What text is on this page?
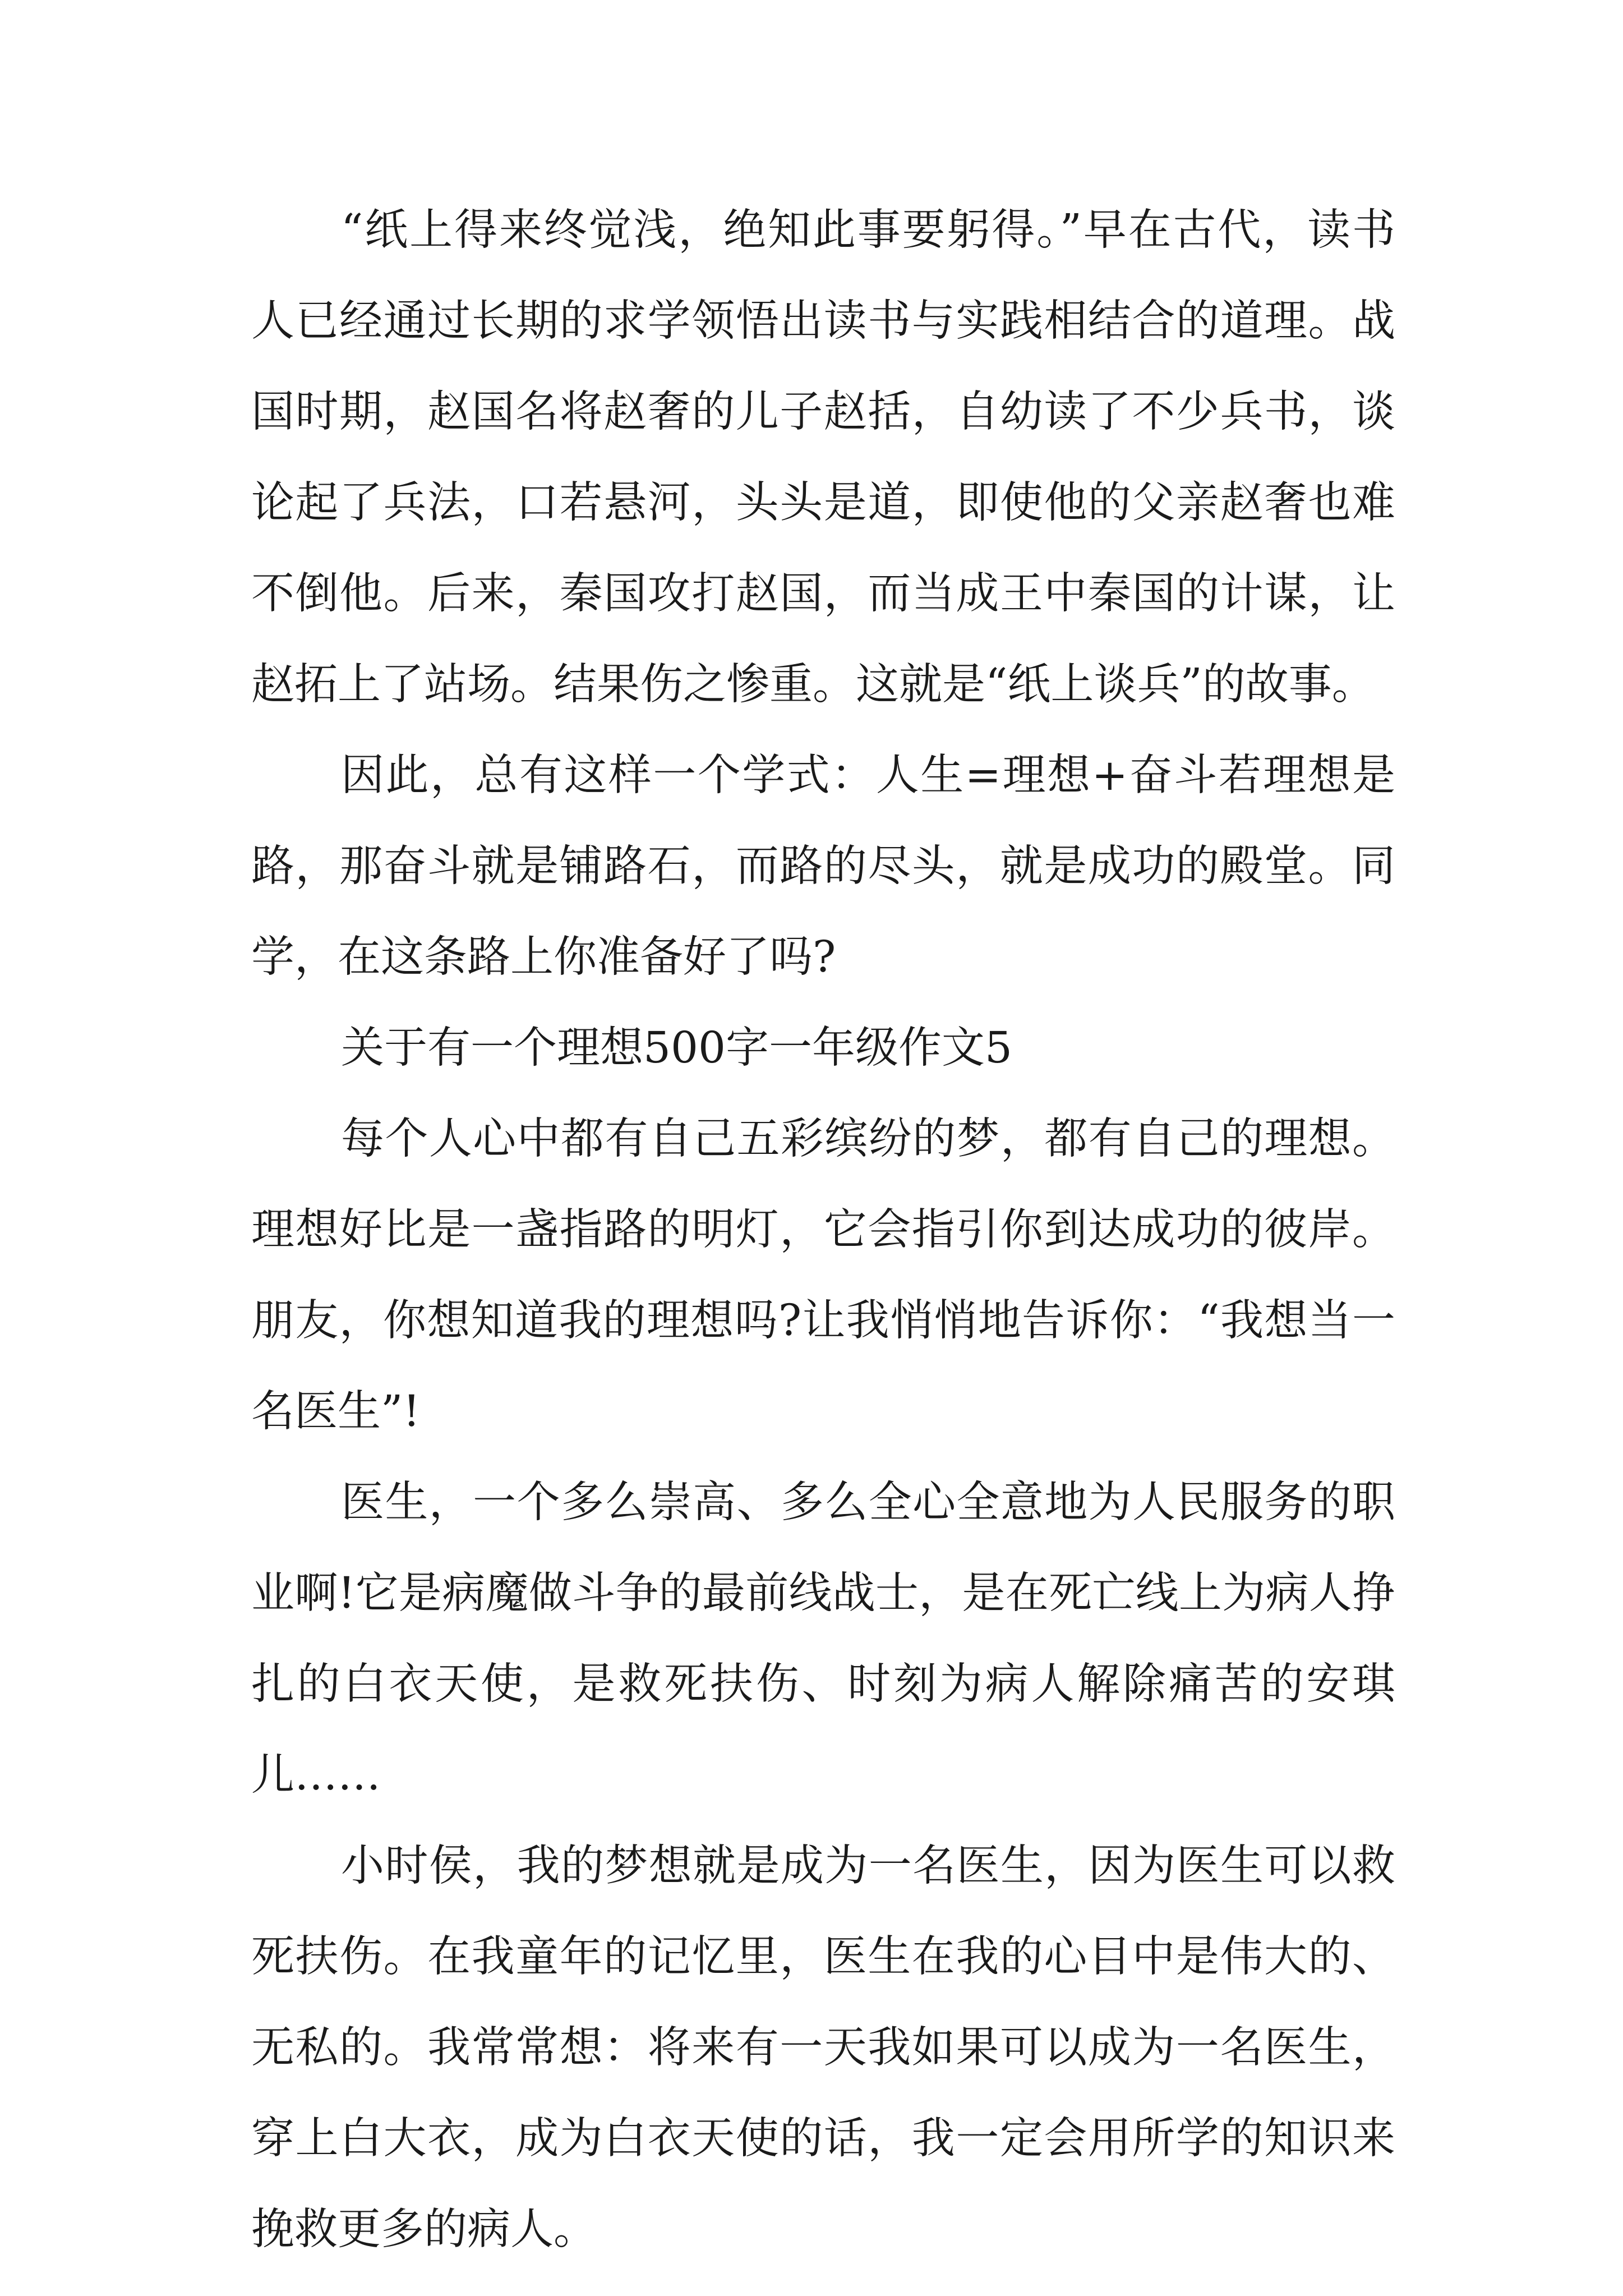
“纸上得来终觉浅，绝知此事要躬得。”早在古代，读书人已经通过长期的求学领悟出读书与实践相结合的道理。战国时期，赵国名将赵奢的儿子赵括，自幼读了不少兵书，谈论起了兵法，口若悬河，头头是道，即使他的父亲赵奢也难不倒他。后来，秦国攻打赵国，而当成王中秦国的计谋，让赵拓上了站场。结果伤之惨重。这就是“纸上谈兵”的故事。

因此，总有这样一个学式：人生=理想+奋斗若理想是路，那奋斗就是铺路石，而路的尽头，就是成功的殿堂。同学，在这条路上你准备好了吗?

关于有一个理想500字一年级作文5

每个人心中都有自己五彩缤纷的梦，都有自己的理想。理想好比是一盏指路的明灯，它会指引你到达成功的彼岸。朋友，你想知道我的理想吗?让我悄悄地告诉你：“我想当一名医生”!

医生，一个多么崇高、多么全心全意地为人民服务的职业啊!它是病魔做斗争的最前线战士，是在死亡线上为病人挣扎的白衣天使，是救死扶伤、时刻为病人解除痛苦的安琪儿……

小时侯，我的梦想就是成为一名医生，因为医生可以救死扶伤。在我童年的记忆里，医生在我的心目中是伟大的、无私的。我常常想：将来有一天我如果可以成为一名医生，穿上白大衣，成为白衣天使的话，我一定会用所学的知识来挽救更多的病人。
